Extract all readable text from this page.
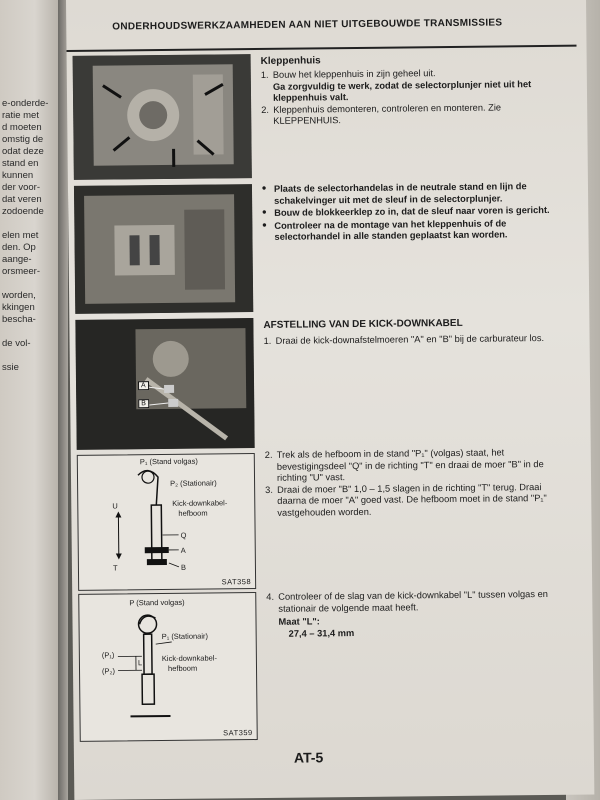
e-onderde-
ratie met
d moeten
omstig de
odat deze
stand en
kunnen
der voor-
dat veren
zodoende
elen met
den. Op
aange-
orsmeer-
worden,
kkingen
bescha-
de vol-
ssie
ONDERHOUDSWERKZAAMHEDEN AAN NIET UITGEBOUWDE TRANSMISSIES
A
B
P₁ (Stand volgas)
P₂ (Stationair)
Kick-downkabel-
hefboom
U
T
Q
A
B
SAT358
P (Stand volgas)
P₁ (Stationair)
(P₁)
(P₂)
L	Kick-downkabel-
hefboom
SAT359
Kleppenhuis
1. Bouw het kleppenhuis in zijn geheel uit.
Ga zorgvuldig te werk, zodat de selectorplunjer niet uit het kleppenhuis valt.
2. Kleppenhuis demonteren, controleren en monteren. Zie KLEPPENHUIS.
• Plaats de selectorhandelas in de neutrale stand en lijn de schakelvinger uit met de sleuf in de selectorplunjer.
• Bouw de blokkeerklep zo in, dat de sleuf naar voren is gericht.
• Controleer na de montage van het kleppenhuis of de selectorhandel in alle standen geplaatst kan worden.
AFSTELLING VAN DE KICK-DOWNKABEL
1. Draai de kick-downafstelmoeren "A" en "B" bij de carburateur los.
2. Trek als de hefboom in de stand "P₁" (volgas) staat, het bevestigingsdeel "Q" in de richting "T" en draai de moer "B" in de richting "U" vast.
3. Draai de moer "B" 1,0 – 1,5 slagen in de richting "T" terug. Draai daarna de moer "A" goed vast. De hefboom moet in de stand "P₁" vastgehouden worden.
4. Controleer of de slag van de kick-downkabel "L" tussen volgas en stationair de volgende maat heeft.
Maat "L":
27,4 – 31,4 mm
AT-5
